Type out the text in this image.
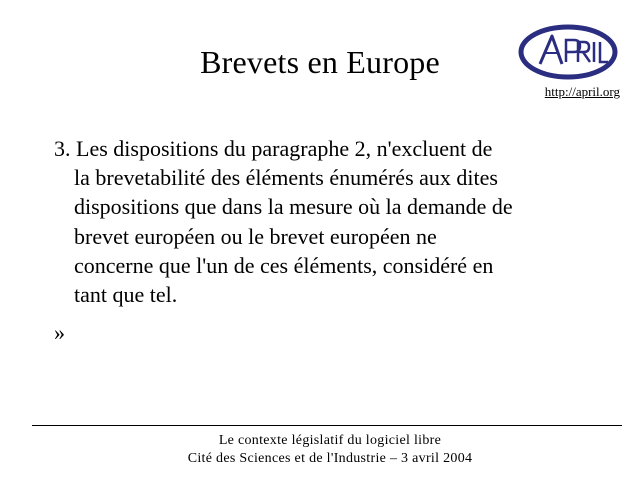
Brevets en Europe
http://april.org
3. Les dispositions du paragraphe 2, n'excluent de
la brevetabilité des éléments énumérés aux dites
dispositions que dans la mesure où la demande de
brevet européen ou le brevet européen ne
concerne que l'un de ces éléments, considéré en
tant que tel.
»
Le contexte législatif du logiciel libre
Cité des Sciences et de l'Industrie – 3 avril 2004
